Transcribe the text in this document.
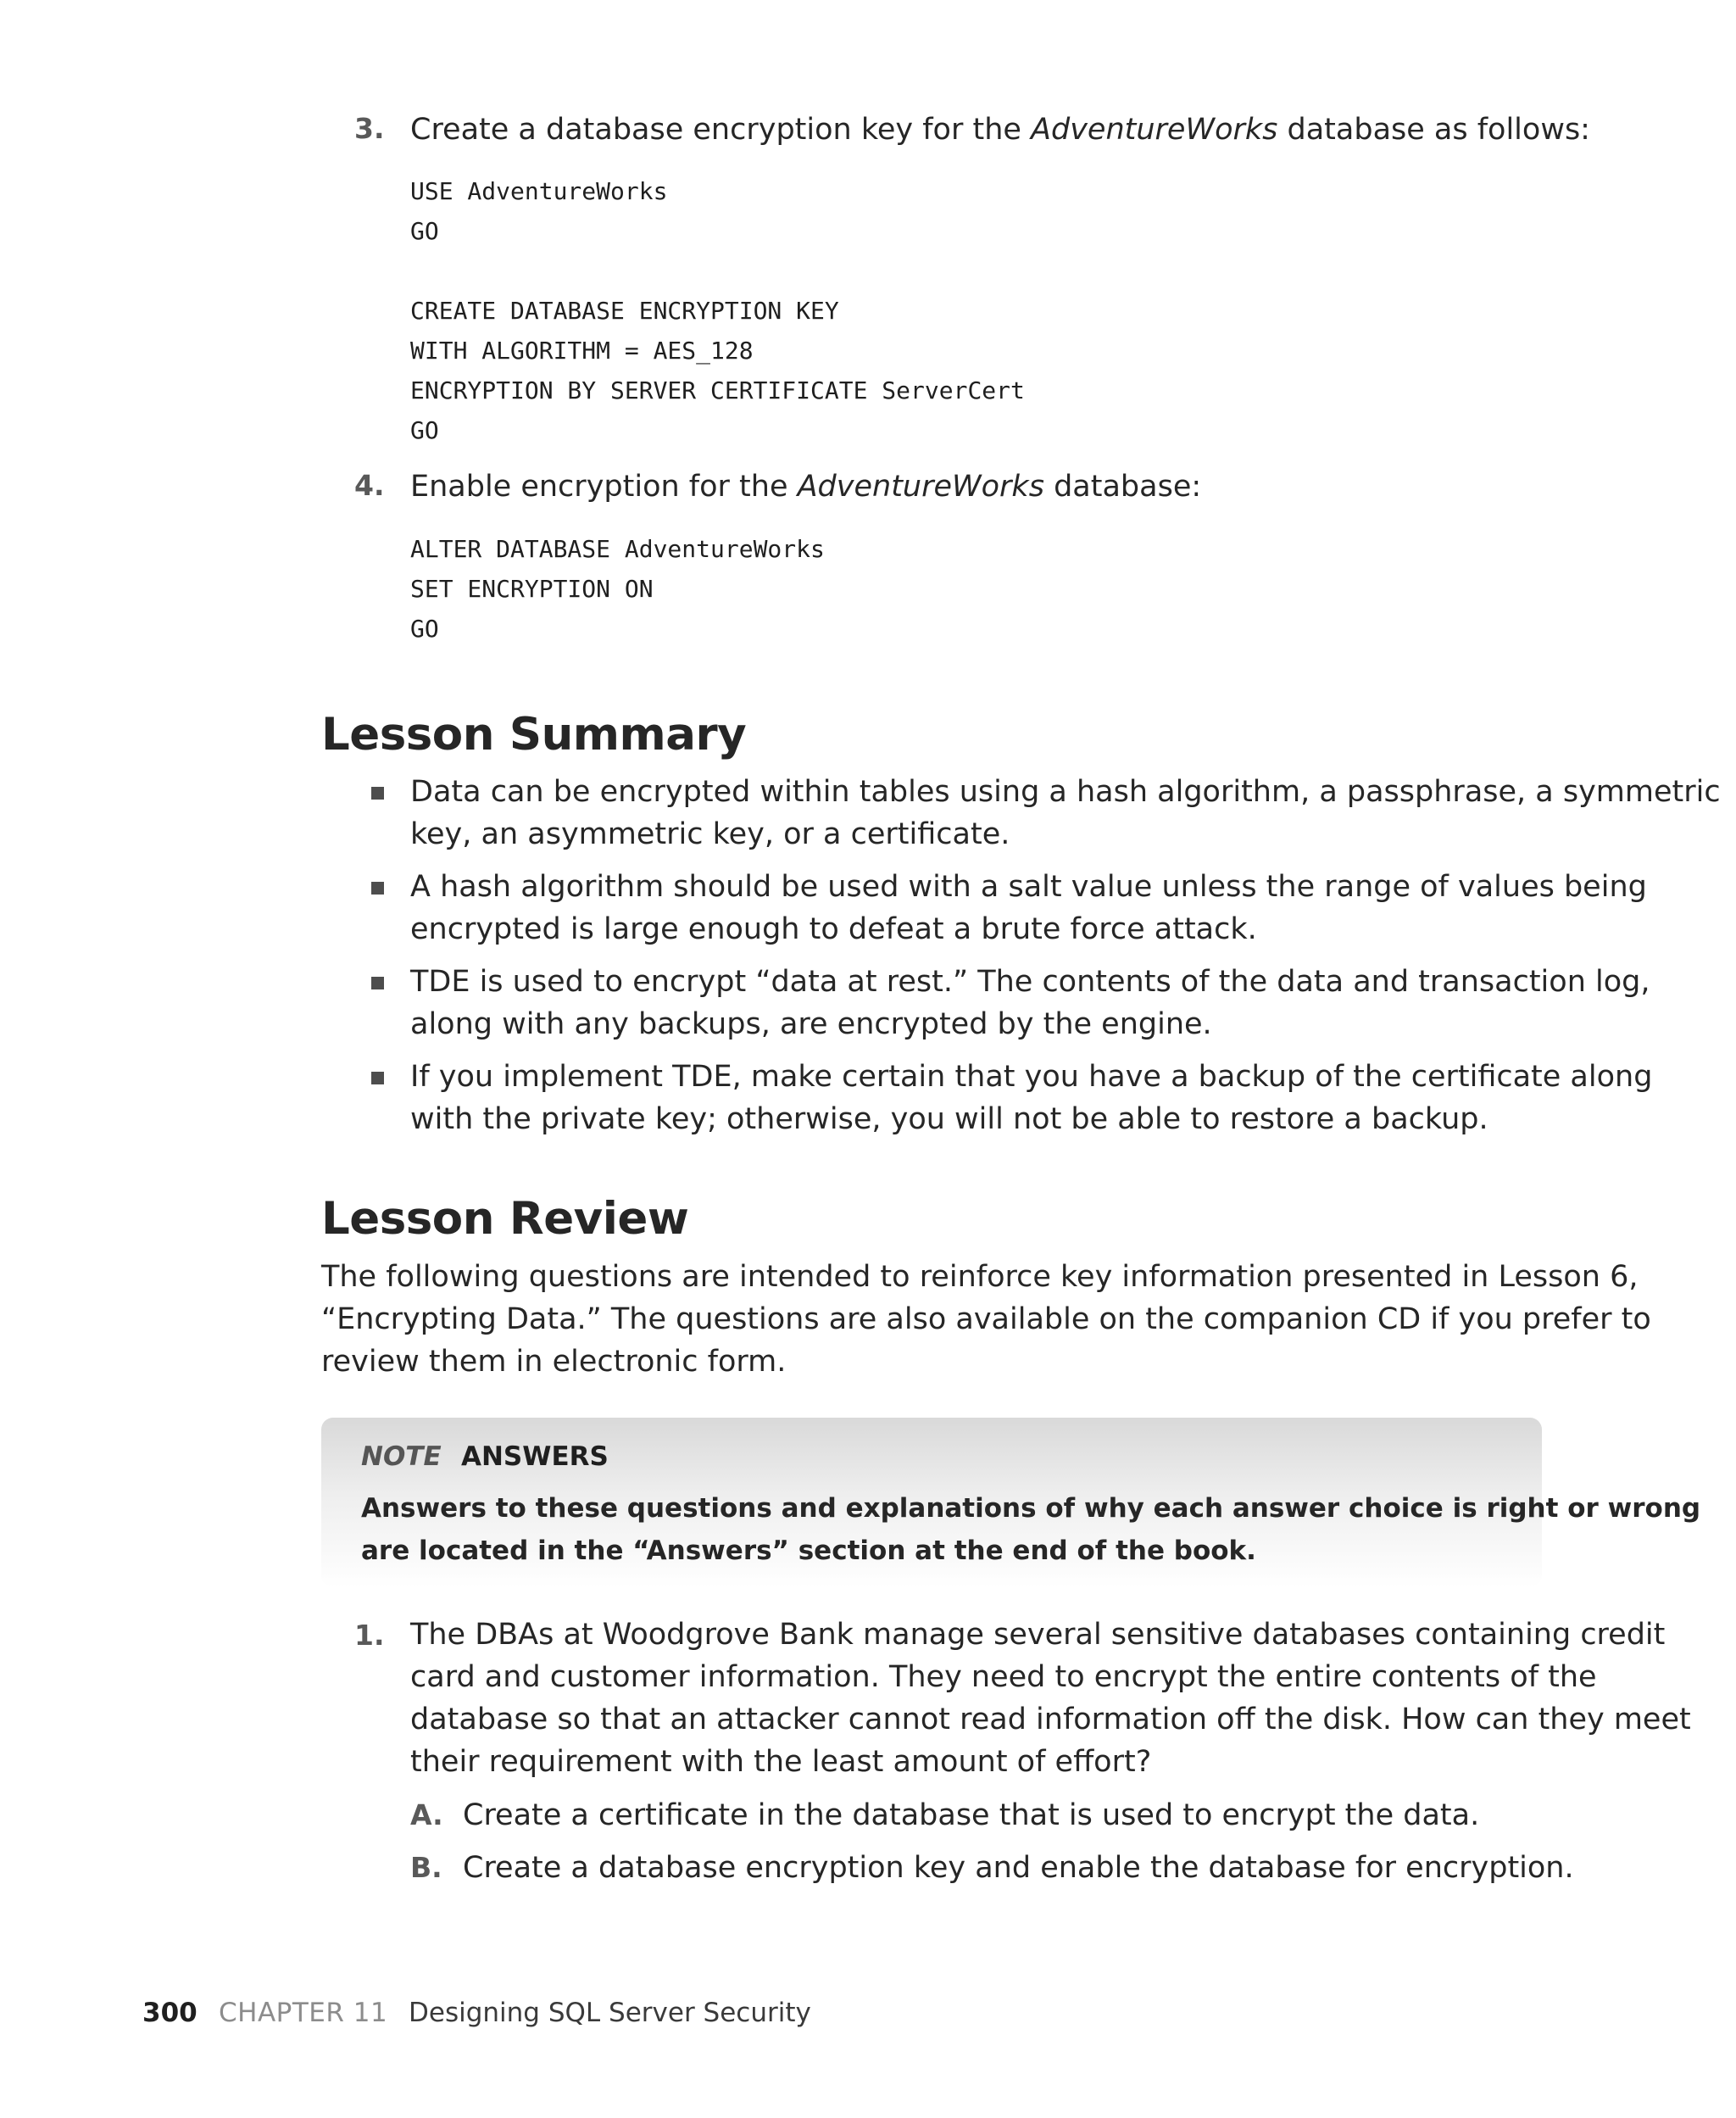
3. Create a database encryption key for the AdventureWorks database as follows:
USE AdventureWorks
GO

CREATE DATABASE ENCRYPTION KEY
WITH ALGORITHM = AES_128
ENCRYPTION BY SERVER CERTIFICATE ServerCert
GO
4. Enable encryption for the AdventureWorks database:
ALTER DATABASE AdventureWorks
SET ENCRYPTION ON
GO
Lesson Summary
Data can be encrypted within tables using a hash algorithm, a passphrase, a symmetric
key, an asymmetric key, or a certificate.
A hash algorithm should be used with a salt value unless the range of values being
encrypted is large enough to defeat a brute force attack.
TDE is used to encrypt “data at rest.” The contents of the data and transaction log,
along with any backups, are encrypted by the engine.
If you implement TDE, make certain that you have a backup of the certificate along
with the private key; otherwise, you will not be able to restore a backup.
Lesson Review
The following questions are intended to reinforce key information presented in Lesson 6,
“Encrypting Data.” The questions are also available on the companion CD if you prefer to
review them in electronic form.
NOTE ANSWERS
Answers to these questions and explanations of why each answer choice is right or wrong
are located in the “Answers” section at the end of the book.
1. The DBAs at Woodgrove Bank manage several sensitive databases containing credit
card and customer information. They need to encrypt the entire contents of the
database so that an attacker cannot read information off the disk. How can they meet
their requirement with the least amount of effort?
A. Create a certificate in the database that is used to encrypt the data.
B. Create a database encryption key and enable the database for encryption.
300 CHAPTER 11 Designing SQL Server Security
